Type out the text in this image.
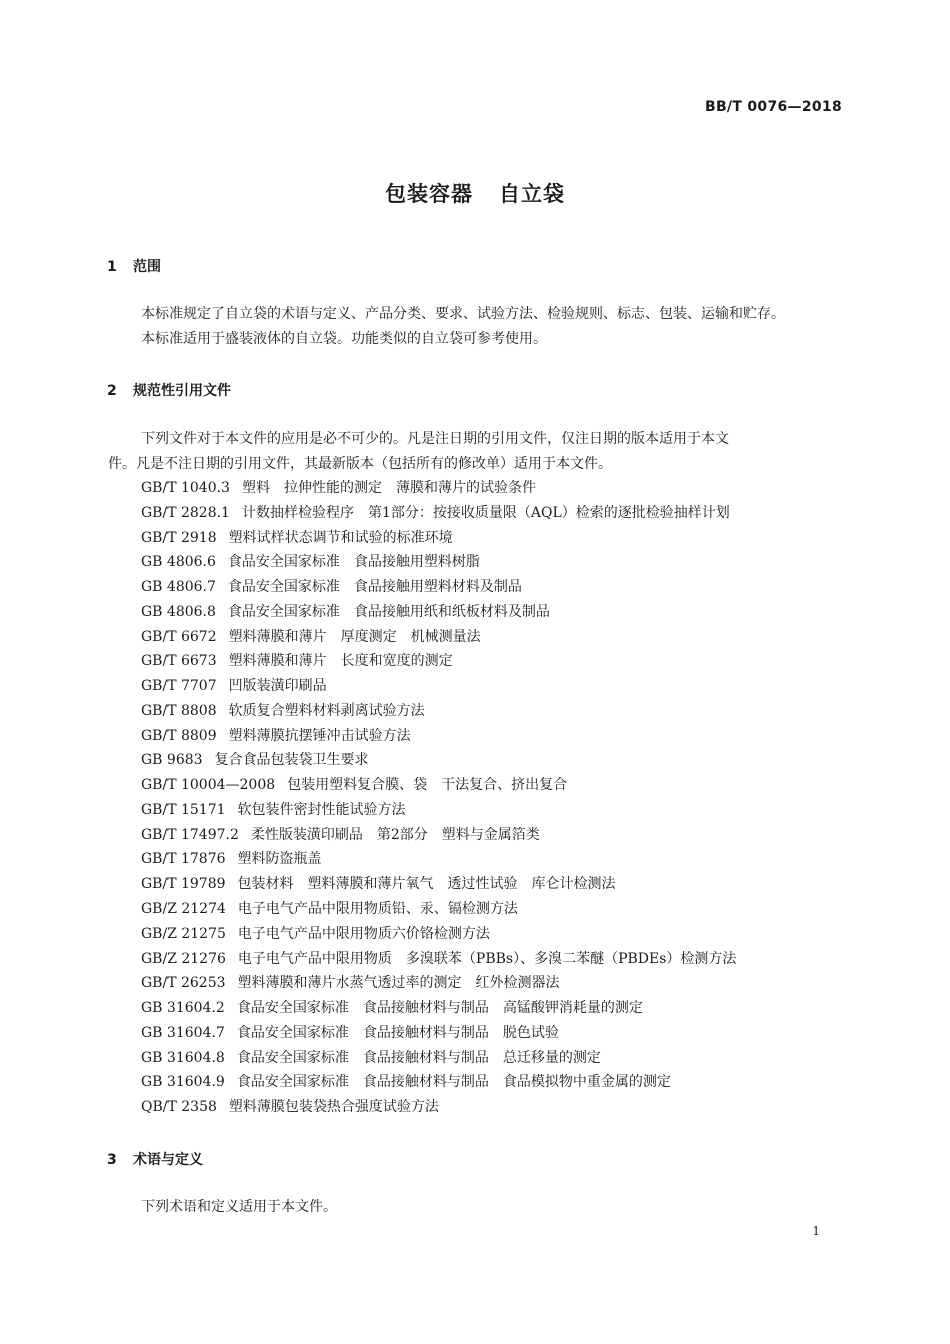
BB/T 0076—2018
包装容器 自立袋
1 范围
本标准规定了自立袋的术语与定义、产品分类、要求、试验方法、检验规则、标志、包装、运输和贮存。
本标准适用于盛装液体的自立袋。功能类似的自立袋可参考使用。
2 规范性引用文件
下列文件对于本文件的应用是必不可少的。凡是注日期的引用文件，仅注日期的版本适用于本文
件。凡是不注日期的引用文件，其最新版本（包括所有的修改单）适用于本文件。
GB/T 1040.3 塑料　拉伸性能的测定　薄膜和薄片的试验条件
GB/T 2828.1 计数抽样检验程序　第1部分：按接收质量限（AQL）检索的逐批检验抽样计划
GB/T 2918 塑料试样状态调节和试验的标准环境
GB 4806.6 食品安全国家标准　食品接触用塑料树脂
GB 4806.7 食品安全国家标准　食品接触用塑料材料及制品
GB 4806.8 食品安全国家标准　食品接触用纸和纸板材料及制品
GB/T 6672 塑料薄膜和薄片　厚度测定　机械测量法
GB/T 6673 塑料薄膜和薄片　长度和宽度的测定
GB/T 7707 凹版装潢印刷品
GB/T 8808 软质复合塑料材料剥离试验方法
GB/T 8809 塑料薄膜抗摆锤冲击试验方法
GB 9683 复合食品包装袋卫生要求
GB/T 10004—2008 包装用塑料复合膜、袋　干法复合、挤出复合
GB/T 15171 软包装件密封性能试验方法
GB/T 17497.2 柔性版装潢印刷品　第2部分　塑料与金属箔类
GB/T 17876 塑料防盗瓶盖
GB/T 19789 包装材料　塑料薄膜和薄片氧气　透过性试验　库仑计检测法
GB/Z 21274 电子电气产品中限用物质铅、汞、镉检测方法
GB/Z 21275 电子电气产品中限用物质六价铬检测方法
GB/Z 21276 电子电气产品中限用物质　多溴联苯（PBBs）、多溴二苯醚（PBDEs）检测方法
GB/T 26253 塑料薄膜和薄片水蒸气透过率的测定　红外检测器法
GB 31604.2 食品安全国家标准　食品接触材料与制品　高锰酸钾消耗量的测定
GB 31604.7 食品安全国家标准　食品接触材料与制品　脱色试验
GB 31604.8 食品安全国家标准　食品接触材料与制品　总迁移量的测定
GB 31604.9 食品安全国家标准　食品接触材料与制品　食品模拟物中重金属的测定
QB/T 2358 塑料薄膜包装袋热合强度试验方法
3 术语与定义
下列术语和定义适用于本文件。
1
